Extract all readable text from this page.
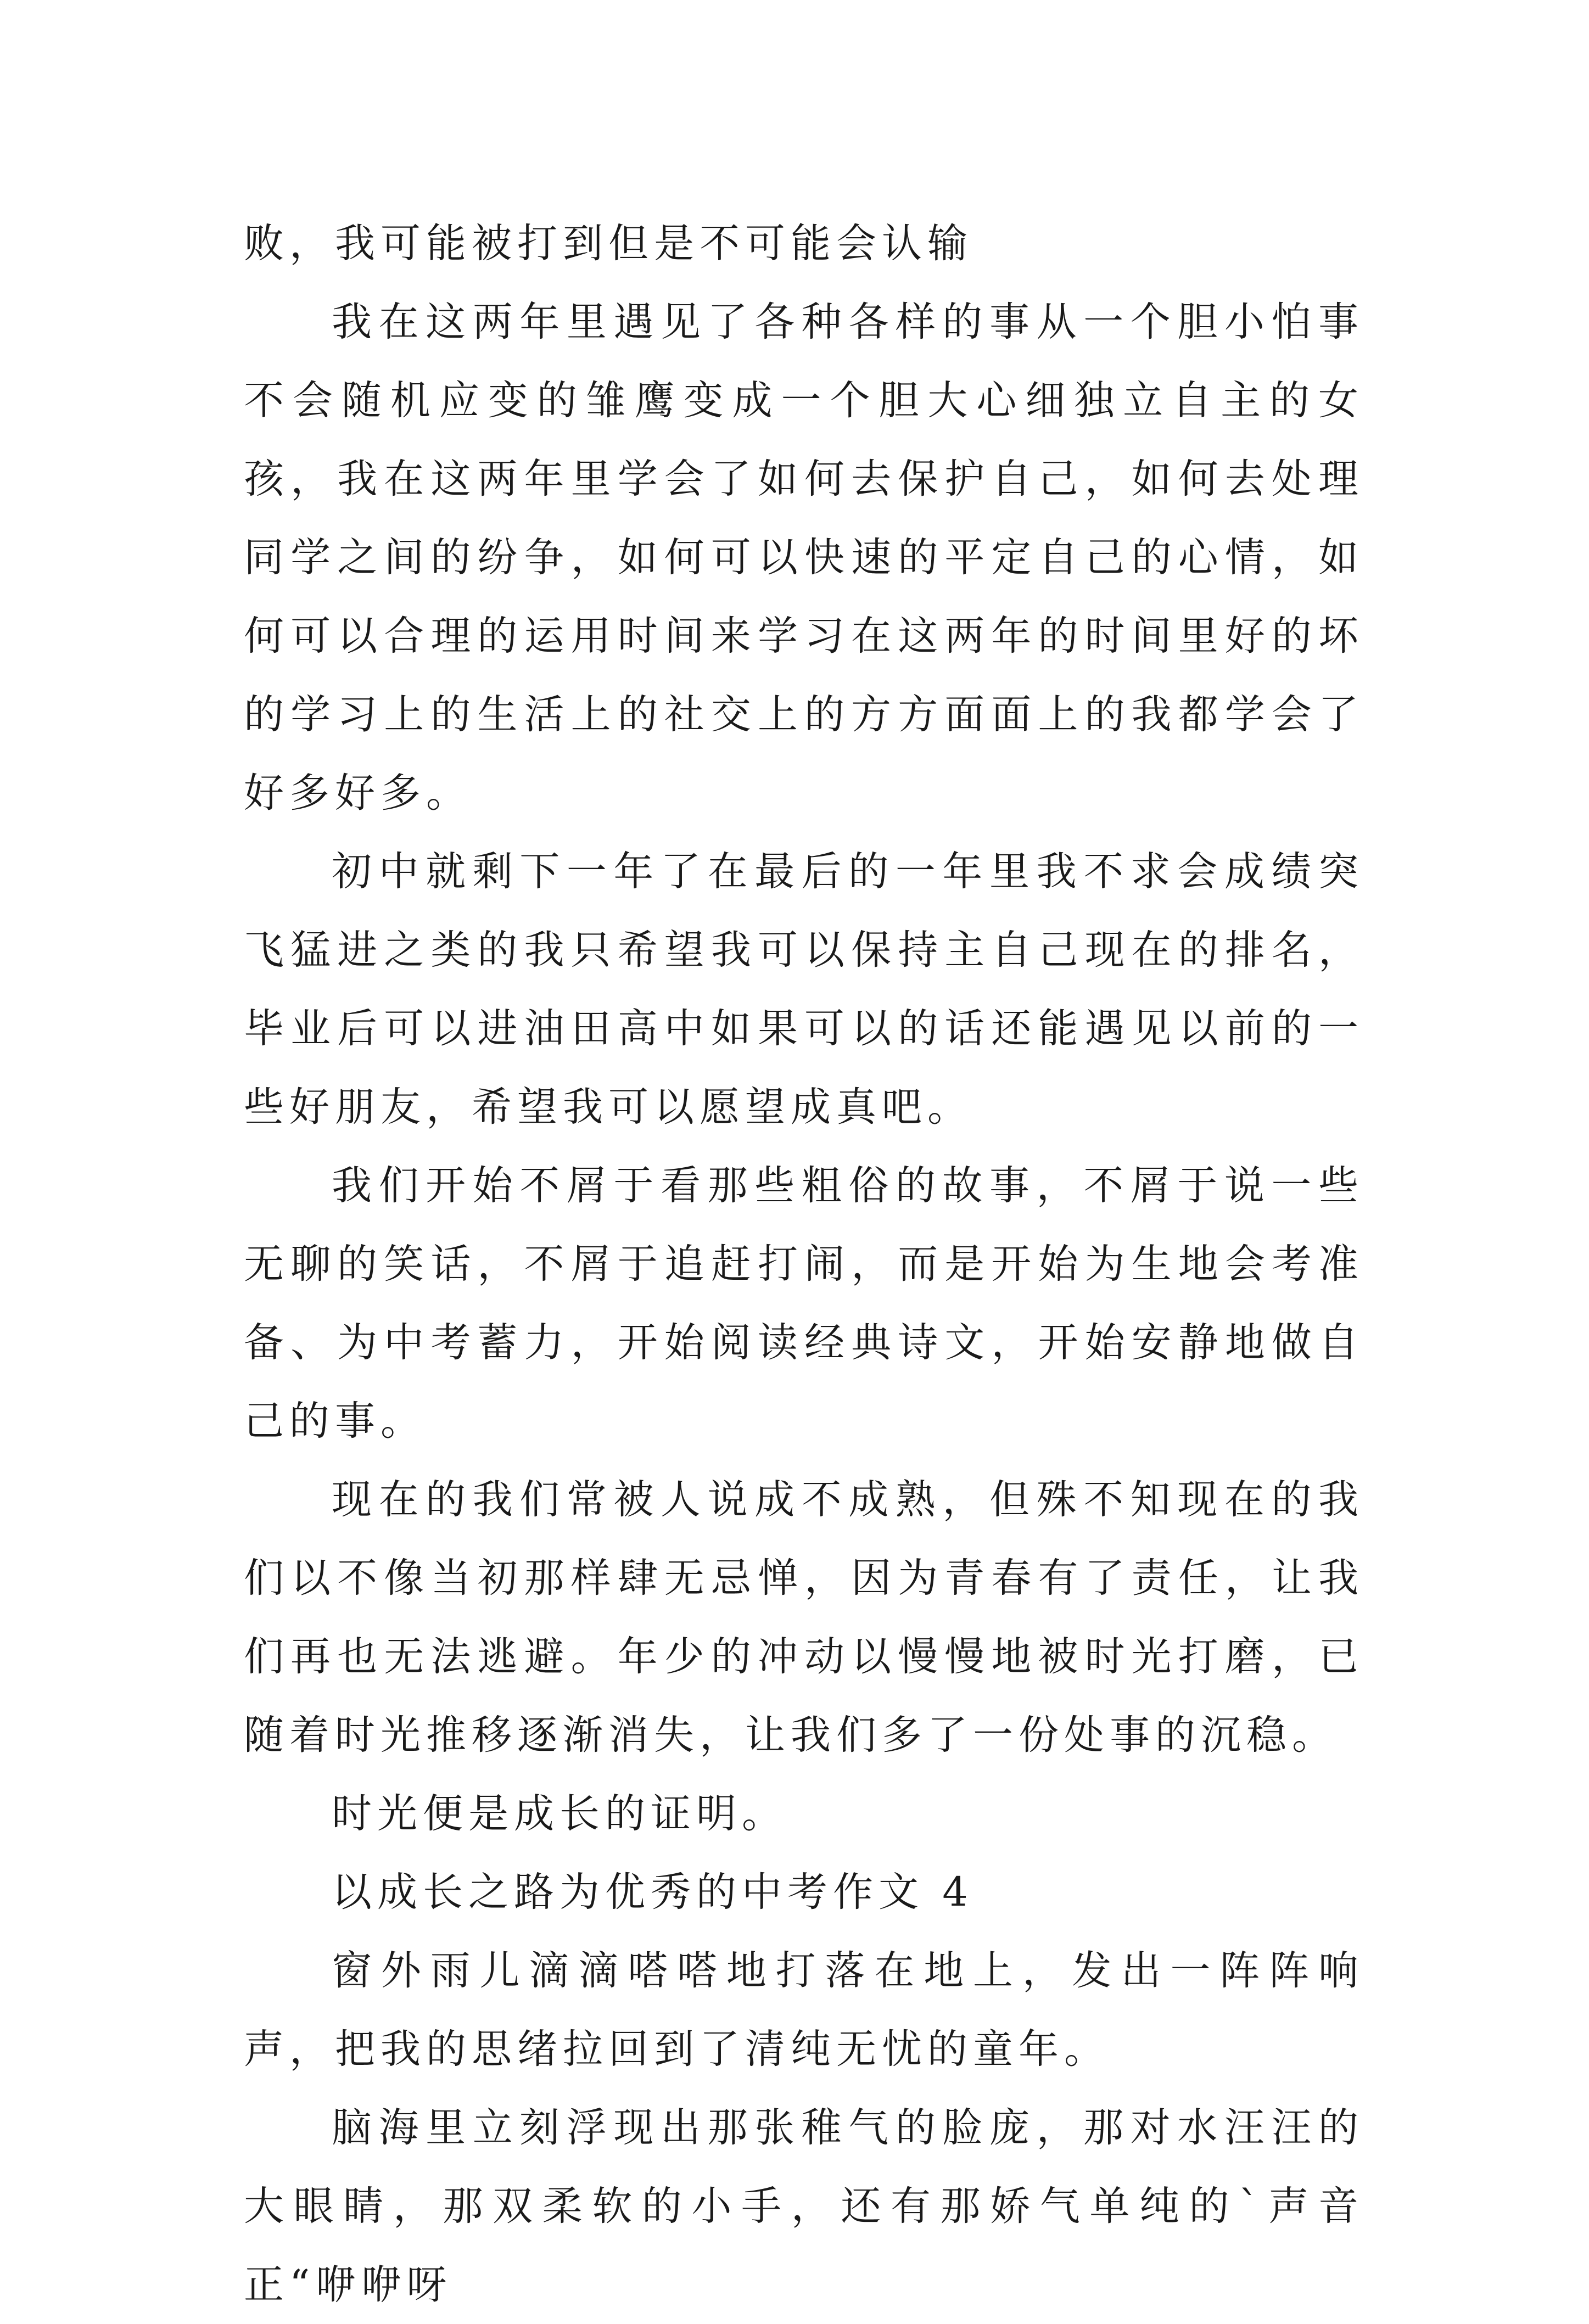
败，我可能被打到但是不可能会认输

我在这两年里遇见了各种各样的事从一个胆小怕事不会随机应变的雏鹰变成一个胆大心细独立自主的女孩，我在这两年里学会了如何去保护自己，如何去处理同学之间的纷争，如何可以快速的平定自己的心情，如何可以合理的运用时间来学习在这两年的时间里好的坏的学习上的生活上的社交上的方方面面上的我都学会了好多好多。

初中就剩下一年了在最后的一年里我不求会成绩突飞猛进之类的我只希望我可以保持主自己现在的排名，毕业后可以进油田高中如果可以的话还能遇见以前的一些好朋友，希望我可以愿望成真吧。

我们开始不屑于看那些粗俗的故事，不屑于说一些无聊的笑话，不屑于追赶打闹，而是开始为生地会考准备、为中考蓄力，开始阅读经典诗文，开始安静地做自己的事。

现在的我们常被人说成不成熟，但殊不知现在的我们以不像当初那样肆无忌惮，因为青春有了责任，让我们再也无法逃避。年少的冲动以慢慢地被时光打磨，已随着时光推移逐渐消失，让我们多了一份处事的沉稳。

时光便是成长的证明。

以成长之路为优秀的中考作文 4

窗外雨儿滴滴嗒嗒地打落在地上，发出一阵阵响声，把我的思绪拉回到了清纯无忧的童年。

脑海里立刻浮现出那张稚气的脸庞，那对水汪汪的大眼睛，那双柔软的小手，还有那娇气单纯的`声音正“咿咿呀
